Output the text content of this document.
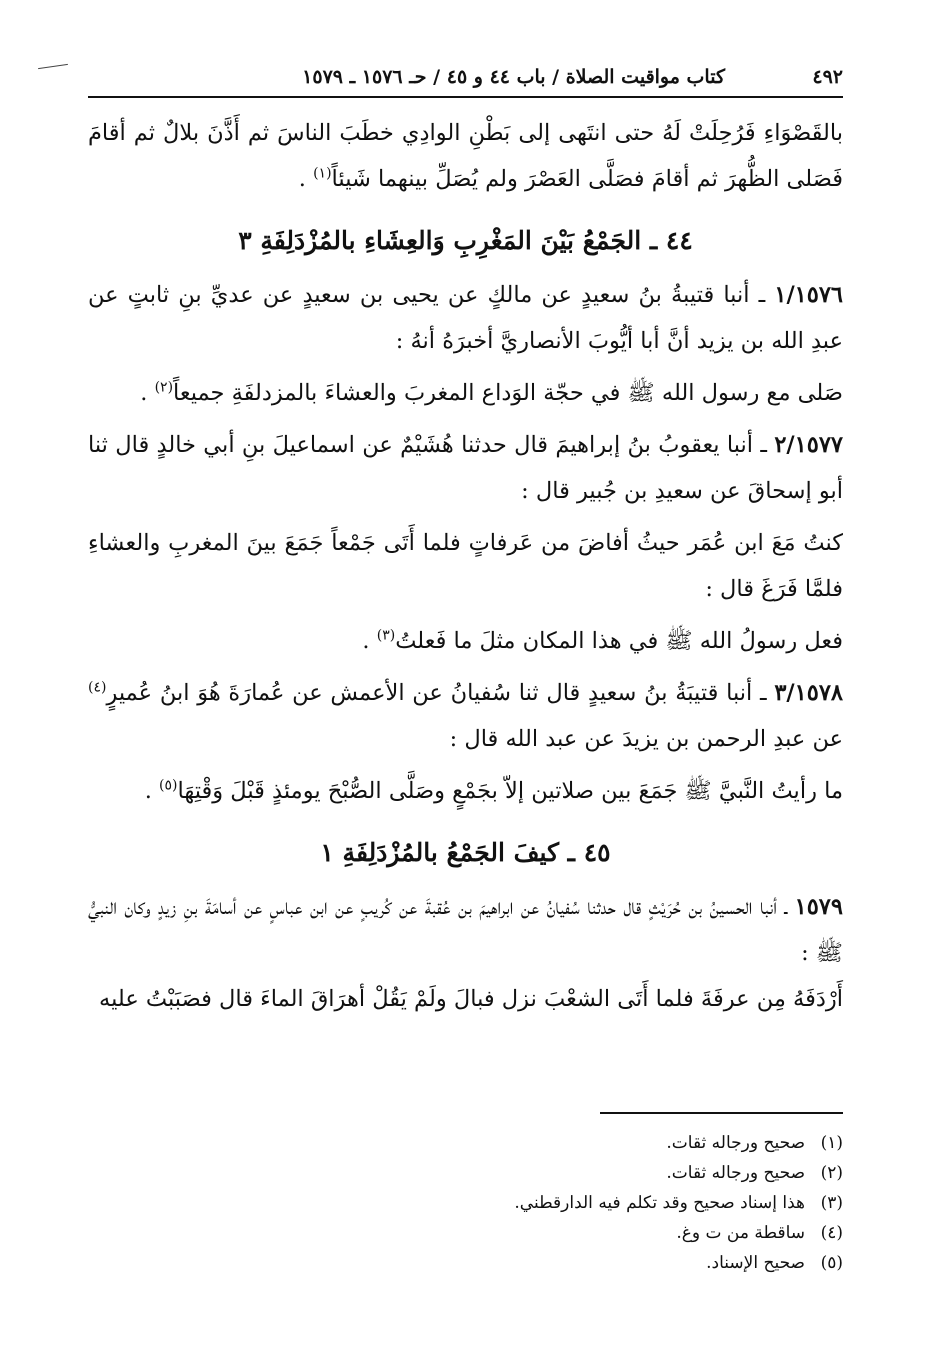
٤٩٢
كتاب مواقيت الصلاة / باب ٤٤ و ٤٥ / حـ ١٥٧٦ ـ ١٥٧٩

بالقَصْوَاءِ فَرُحِلَتْ لَهُ حتى انتَهى إلى بَطْنِ الوادِي خطَبَ الناسَ ثم أَذَّنَ بلالٌ ثم أقامَ فَصَلى الظُّهرَ ثم أقامَ فصَلَّى العَصْرَ ولم يُصَلِّ بينهما شَيئاً$^{(١)}$ .

٤٤ ـ الجَمْعُ بَيْنَ المَغْرِبِ وَالعِشَاءِ بالمُزْدَلِفَةِ ٣

١/١٥٧٦ ـ أنبا قتيبةُ بنُ سعيدٍ عن مالكٍ عن يحيى بن سعيدٍ عن عديِّ بنِ ثابتٍ عن عبدِ الله بن يزيد أنَّ أبا أيُّوبَ الأنصاريَّ أخبرَهُ أنهُ :

صَلى مع رسول الله ﷺ في حجّة الوَداع المغربَ والعشاءَ بالمزدلفَةِ جميعاً$^{(٢)}$ .

٢/١٥٧٧ ـ أنبا يعقوبُ بنُ إبراهيمَ قال حدثنا هُشَيْمٌ عن اسماعيلَ بنِ أبي خالدٍ قال ثنا أبو إسحاقَ عن سعيدِ بن جُبير قال :

كنتُ مَعَ ابن عُمَر حيثُ أفاضَ من عَرفاتٍ فلما أَتَى جَمْعاً جَمَعَ بينَ المغربِ والعشاءِ فلمَّا فَرَغَ قال :

فعل رسولُ الله ﷺ في هذا المكان مثلَ ما فَعلتُ$^{(٣)}$ .

٣/١٥٧٨ ـ أنبا قتيبَةُ بنُ سعيدٍ قال ثنا سُفيانُ عن الأعمش عن عُمارَةَ هُوَ ابنُ عُميرٍ$^{(٤)}$ عن عبدِ الرحمن بن يزيدَ عن عبد الله قال :

ما رأيتُ النَّبيَّ ﷺ جَمَعَ بين صلاتين إلاّ بجَمْعٍ وصَلَّى الصُّبْحَ يومئذٍ قَبْلَ وَقْتِهَا$^{(٥)}$ .

٤٥ ـ كيفَ الجَمْعُ بالمُزْدَلِفَةِ ١

١٥٧٩ ـ أنبا الحسينُ بن حُرَيْثٍ قال حدثنا سُفيانُ عن ابراهيمَ بن عُقبةَ عن كُريبٍ عن ابن عباسٍ عن أسامَةَ بنِ زيدٍ وكان النبيُّ ﷺ :

أَرْدَفَهُ مِن عرفَةَ فلما أَتَى الشعْبَ نزل فبالَ ولَمْ يَقُلْ أهرَاقَ الماءَ قال فصَبَبْتُ عليه

(١)صحيح ورجاله ثقات.

(٢)صحيح ورجاله ثقات.

(٣)هذا إسناد صحيح وقد تكلم فيه الدارقطني.

(٤)ساقطة من ت وغ.

(٥)صحيح الإسناد.
